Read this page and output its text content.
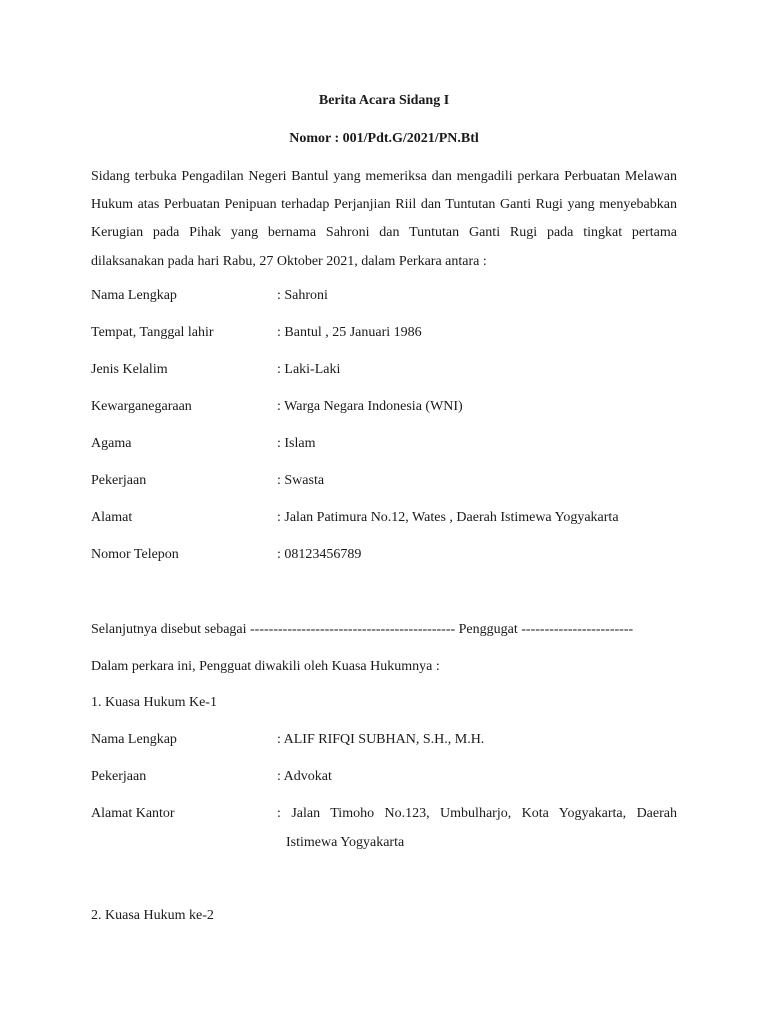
Berita Acara Sidang I
Nomor : 001/Pdt.G/2021/PN.Btl
Sidang terbuka Pengadilan Negeri Bantul yang memeriksa dan mengadili perkara Perbuatan Melawan Hukum atas Perbuatan Penipuan terhadap Perjanjian Riil dan Tuntutan Ganti Rugi yang menyebabkan Kerugian pada Pihak yang bernama Sahroni dan Tuntutan Ganti Rugi pada tingkat pertama dilaksanakan pada hari Rabu, 27 Oktober 2021, dalam Perkara antara :
Nama Lengkap	: Sahroni
Tempat, Tanggal lahir	: Bantul , 25 Januari 1986
Jenis Kelalim	: Laki-Laki
Kewarganegaraan	: Warga Negara Indonesia (WNI)
Agama	: Islam
Pekerjaan	: Swasta
Alamat	: Jalan Patimura No.12, Wates , Daerah Istimewa Yogyakarta
Nomor Telepon	: 08123456789
Selanjutnya disebut sebagai -------------------------------------------- Penggugat ------------------------
Dalam perkara ini, Pengguat diwakili oleh Kuasa Hukumnya :
1. Kuasa Hukum Ke-1
Nama Lengkap	: ALIF RIFQI SUBHAN, S.H., M.H.
Pekerjaan	: Advokat
Alamat Kantor	: Jalan Timoho No.123, Umbulharjo, Kota Yogyakarta, Daerah Istimewa Yogyakarta
2. Kuasa Hukum ke-2
